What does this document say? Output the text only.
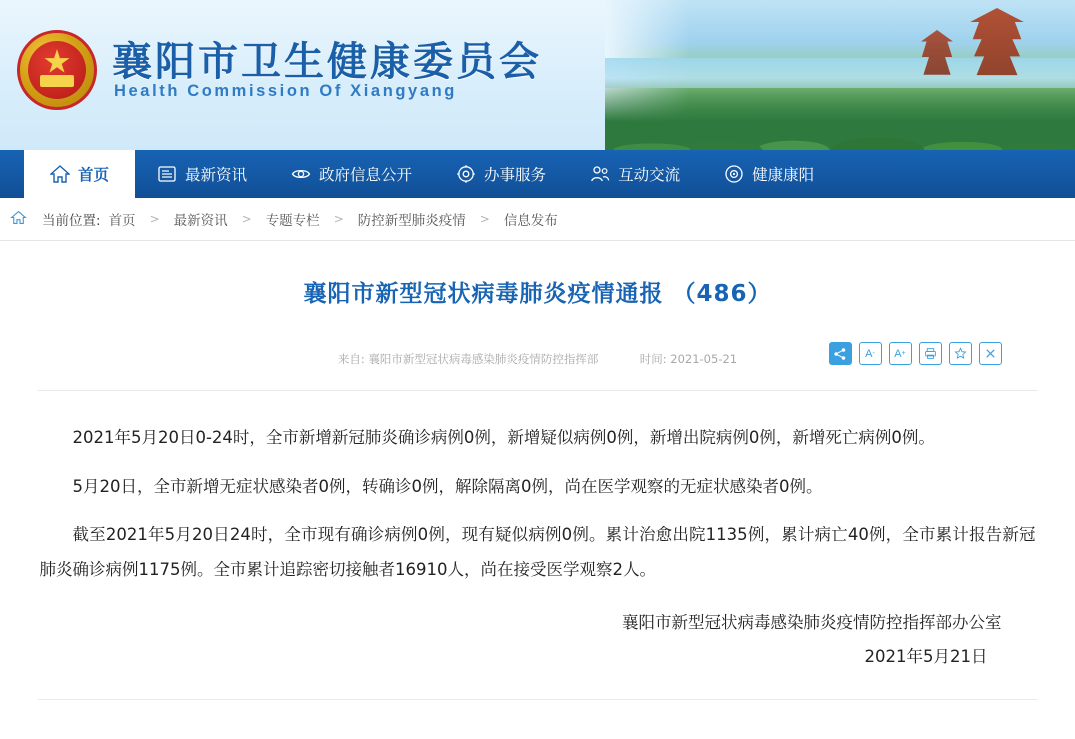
襄阳市卫生健康委员会
Health Commission Of Xiangyang
首页	最新资讯	政府信息公开	办事服务	互动交流	健康康阳
当前位置: 首页	>	最新资讯	>	专题专栏	>	防控新型肺炎疫情	>	信息发布
襄阳市新型冠状病毒肺炎疫情通报 （486）
来自: 襄阳市新型冠状病毒感染肺炎疫情防控指挥部	时间: 2021-05-21	A - A +

2021年5月20日0-24时，全市新增新冠肺炎确诊病例0例，新增疑似病例0例，新增出院病例0例，新增死亡病例0例。

5月20日，全市新增无症状感染者0例，转确诊0例，解除隔离0例，尚在医学观察的无症状感染者0例。

截至2021年5月20日24时，全市现有确诊病例0例，现有疑似病例0例。累计治愈出院1135例，累计病亡40例，全市累计报告新冠肺炎确诊病例1175例。全市累计追踪密切接触者16910人，尚在接受医学观察2人。

襄阳市新型冠状病毒感染肺炎疫情防控指挥部办公室
2021年5月21日
